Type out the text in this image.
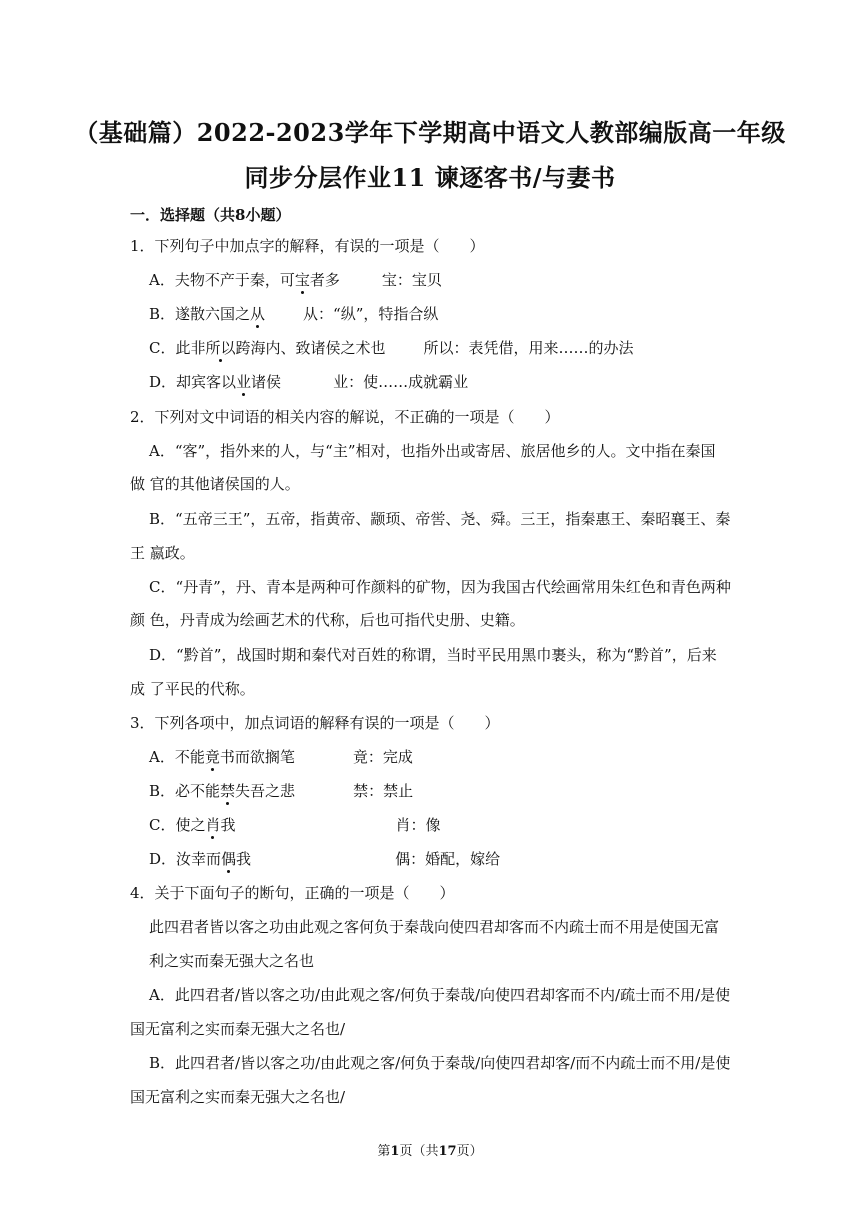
（基础篇）2022-2023学年下学期高中语文人教部编版高一年级
同步分层作业11 谏逐客书/与妻书
一．选择题（共8小题）
1．下列句子中加点字的解释，有误的一项是（　　）
A．夫物不产于秦，可宝者多	宝：宝贝
B．遂散六国之从	从：“纵”，特指合纵
C．此非所以跨海内、致诸侯之术也	所以：表凭借，用来……的办法
D．却宾客以业诸侯	业：使……成就霸业
2．下列对文中词语的相关内容的解说，不正确的一项是（　　）
A．“客”，指外来的人，与“主”相对，也指外出或寄居、旅居他乡的人。文中指在秦国
做 官的其他诸侯国的人。
B．“五帝三王”，五帝，指黄帝、颛顼、帝喾、尧、舜。三王，指秦惠王、秦昭襄王、秦
王 嬴政。
C．“丹青”，丹、青本是两种可作颜料的矿物，因为我国古代绘画常用朱红色和青色两种
颜 色，丹青成为绘画艺术的代称，后也可指代史册、史籍。
D．“黔首”，战国时期和秦代对百姓的称谓，当时平民用黑巾裹头，称为“黔首”，后来
成 了平民的代称。
3．下列各项中，加点词语的解释有误的一项是（　　）
A．不能竟书而欲搁笔	竟：完成
B．必不能禁失吾之悲	禁：禁止
C．使之肖我	肖：像
D．汝幸而偶我	偶：婚配，嫁给
4．关于下面句子的断句，正确的一项是（　　）
此四君者皆以客之功由此观之客何负于秦哉向使四君却客而不内疏士而不用是使国无富
利之实而秦无强大之名也
A．此四君者/皆以客之功/由此观之客/何负于秦哉/向使四君却客而不内/疏士而不用/是使
国无富利之实而秦无强大之名也/
B．此四君者/皆以客之功/由此观之客/何负于秦哉/向使四君却客/而不内疏士而不用/是使
国无富利之实而秦无强大之名也/
第1页（共17页）
